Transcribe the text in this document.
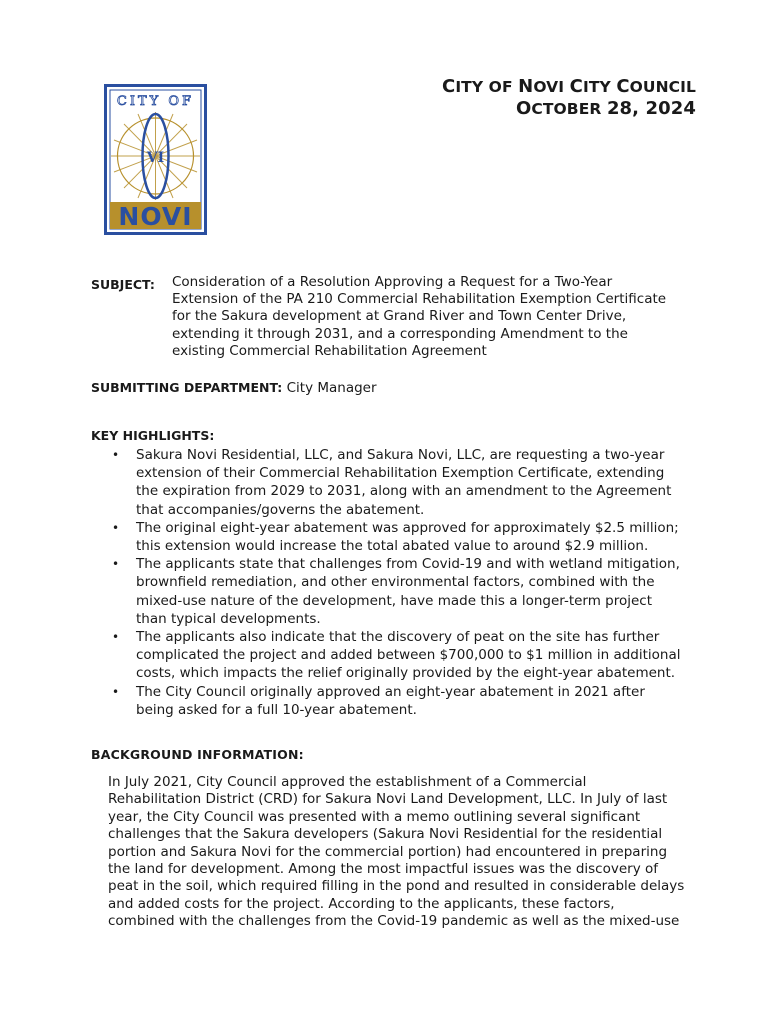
CITY OF
VI
NOVI
CITY OF NOVI CITY COUNCIL
OCTOBER 28, 2024
SUBJECT: Consideration of a Resolution Approving a Request for a Two-Year
Extension of the PA 210 Commercial Rehabilitation Exemption Certificate
for the Sakura development at Grand River and Town Center Drive,
extending it through 2031, and a corresponding Amendment to the
existing Commercial Rehabilitation Agreement
SUBMITTING DEPARTMENT: City Manager
KEY HIGHLIGHTS:
• Sakura Novi Residential, LLC, and Sakura Novi, LLC, are requesting a two-year
extension of their Commercial Rehabilitation Exemption Certificate, extending
the expiration from 2029 to 2031, along with an amendment to the Agreement
that accompanies/governs the abatement.
• The original eight-year abatement was approved for approximately $2.5 million;
this extension would increase the total abated value to around $2.9 million.
• The applicants state that challenges from Covid-19 and with wetland mitigation,
brownfield remediation, and other environmental factors, combined with the
mixed-use nature of the development, have made this a longer-term project
than typical developments.
• The applicants also indicate that the discovery of peat on the site has further
complicated the project and added between $700,000 to $1 million in additional
costs, which impacts the relief originally provided by the eight-year abatement.
• The City Council originally approved an eight-year abatement in 2021 after
being asked for a full 10-year abatement.
BACKGROUND INFORMATION:
In July 2021, City Council approved the establishment of a Commercial
Rehabilitation District (CRD) for Sakura Novi Land Development, LLC. In July of last
year, the City Council was presented with a memo outlining several significant
challenges that the Sakura developers (Sakura Novi Residential for the residential
portion and Sakura Novi for the commercial portion) had encountered in preparing
the land for development. Among the most impactful issues was the discovery of
peat in the soil, which required filling in the pond and resulted in considerable delays
and added costs for the project. According to the applicants, these factors,
combined with the challenges from the Covid-19 pandemic as well as the mixed-use
